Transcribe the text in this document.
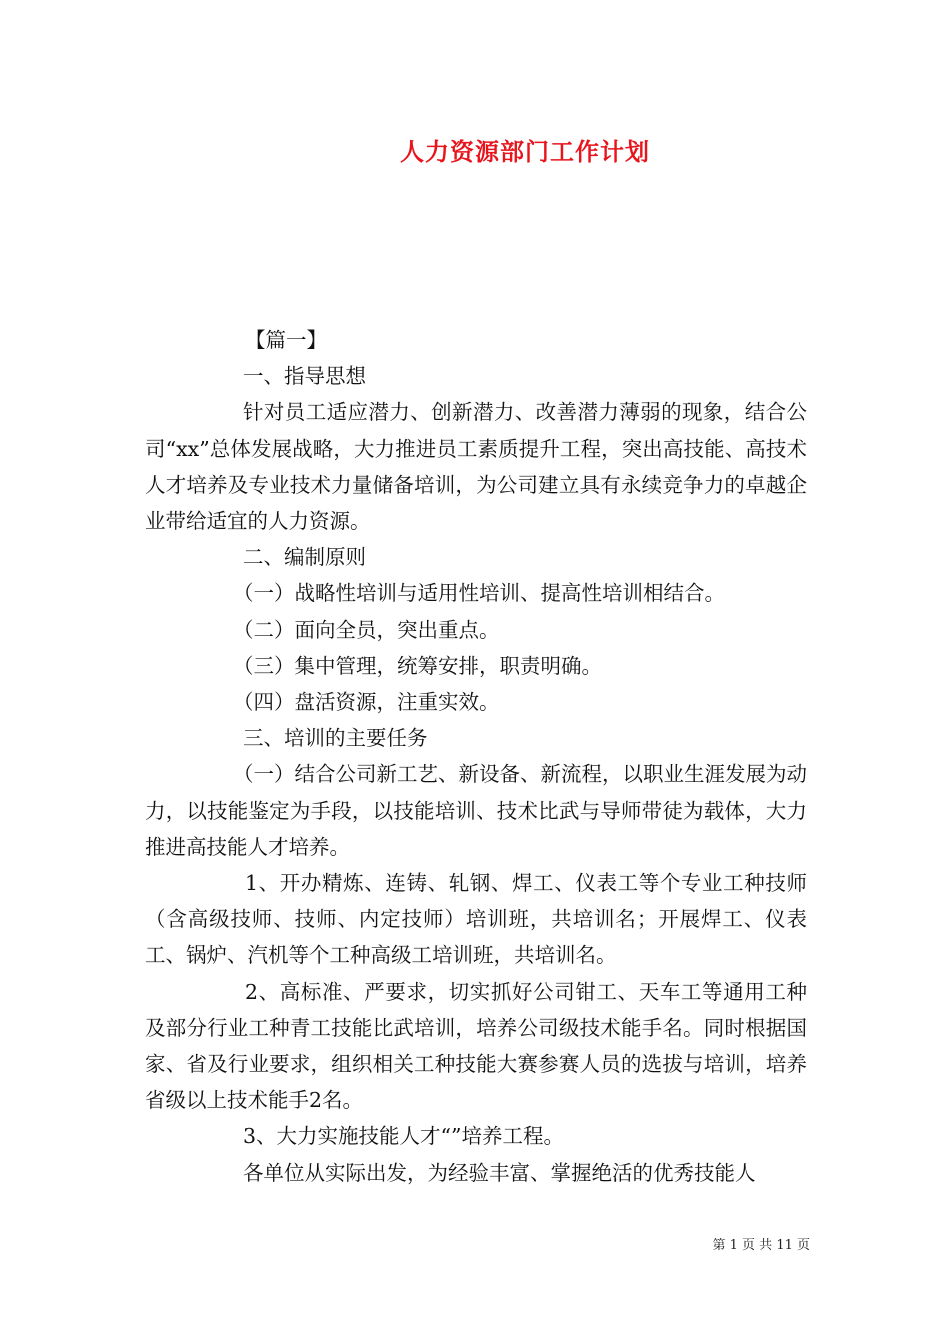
人力资源部门工作计划

【篇一】

一、指导思想

针对员工适应潜力、创新潜力、改善潜力薄弱的现象，结合公司“xx”总体发展战略，大力推进员工素质提升工程，突出高技能、高技术人才培养及专业技术力量储备培训，为公司建立具有永续竞争力的卓越企业带给适宜的人力资源。

二、编制原则

（一）战略性培训与适用性培训、提高性培训相结合。

（二）面向全员，突出重点。

（三）集中管理，统筹安排，职责明确。

（四）盘活资源，注重实效。

三、培训的主要任务

（一）结合公司新工艺、新设备、新流程，以职业生涯发展为动力，以技能鉴定为手段，以技能培训、技术比武与导师带徒为载体，大力推进高技能人才培养。

1、开办精炼、连铸、轧钢、焊工、仪表工等个专业工种技师（含高级技师、技师、内定技师）培训班，共培训名；开展焊工、仪表工、锅炉、汽机等个工种高级工培训班，共培训名。

2、高标准、严要求，切实抓好公司钳工、天车工等通用工种及部分行业工种青工技能比武培训，培养公司级技术能手名。同时根据国家、省及行业要求，组织相关工种技能大赛参赛人员的选拔与培训，培养省级以上技术能手2名。

3、大力实施技能人才“”培养工程。

各单位从实际出发，为经验丰富、掌握绝活的优秀技能人

第 1 页 共 11 页
